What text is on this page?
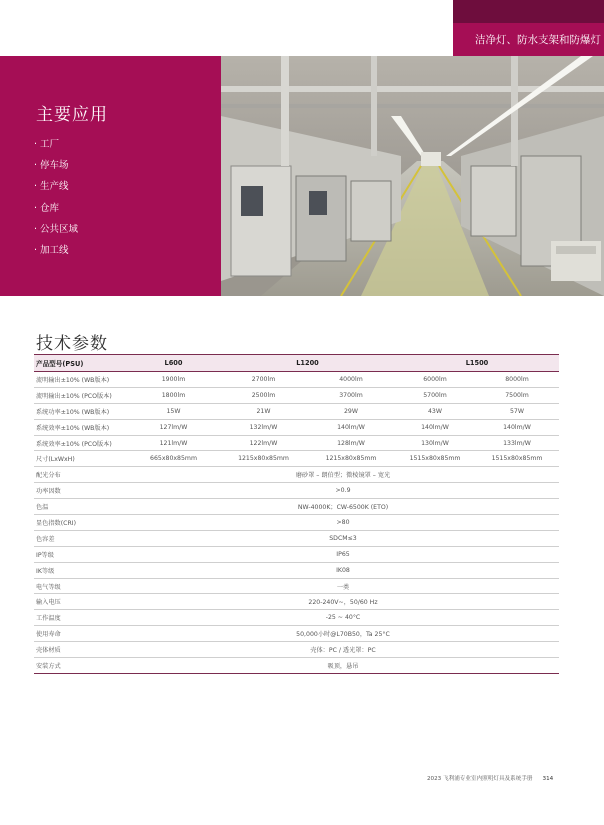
洁净灯、防水支架和防爆灯
主要应用
· 工厂
· 停车场
· 生产线
· 仓库
· 公共区域
· 加工线
技术参数
产品型号(PSU)	L600	L1200		L1500	
流明输出±10% (WB版本)	1900lm	2700lm	4000lm	6000lm	8000lm
流明输出±10% (PCO版本)	1800lm	2500lm	3700lm	5700lm	7500lm
系统功率±10% (WB版本)	15W	21W	29W	43W	57W
系统效率±10% (WB版本)	127lm/W	132lm/W	140lm/W	140lm/W	140lm/W
系统效率±10% (PCO版本)	121lm/W	122lm/W	128lm/W	130lm/W	133lm/W
尺寸(LxWxH)	665x80x85mm	1215x80x85mm	1215x80x85mm	1515x80x85mm	1515x80x85mm
配光分布	磨砂罩 – 朗伯型；微棱镜罩 – 宽光				
功率因数	>0.9				
色温	NW-4000K；CW-6500K (ETO)				
显色指数(CRI)	>80				
色容差	SDCM≤3				
IP等级	IP65				
IK等级	IK08				
电气等级	一类				
输入电压	220-240V~，50/60 Hz				
工作温度	-25 ~ 40°C				
使用寿命	50,000小时@L70B50，Ta 25°C				
壳体材质	壳体：PC / 透光罩：PC				
安装方式	吸顶，悬吊				
2023 飞利浦专业室内照明灯具及系统手册 314
